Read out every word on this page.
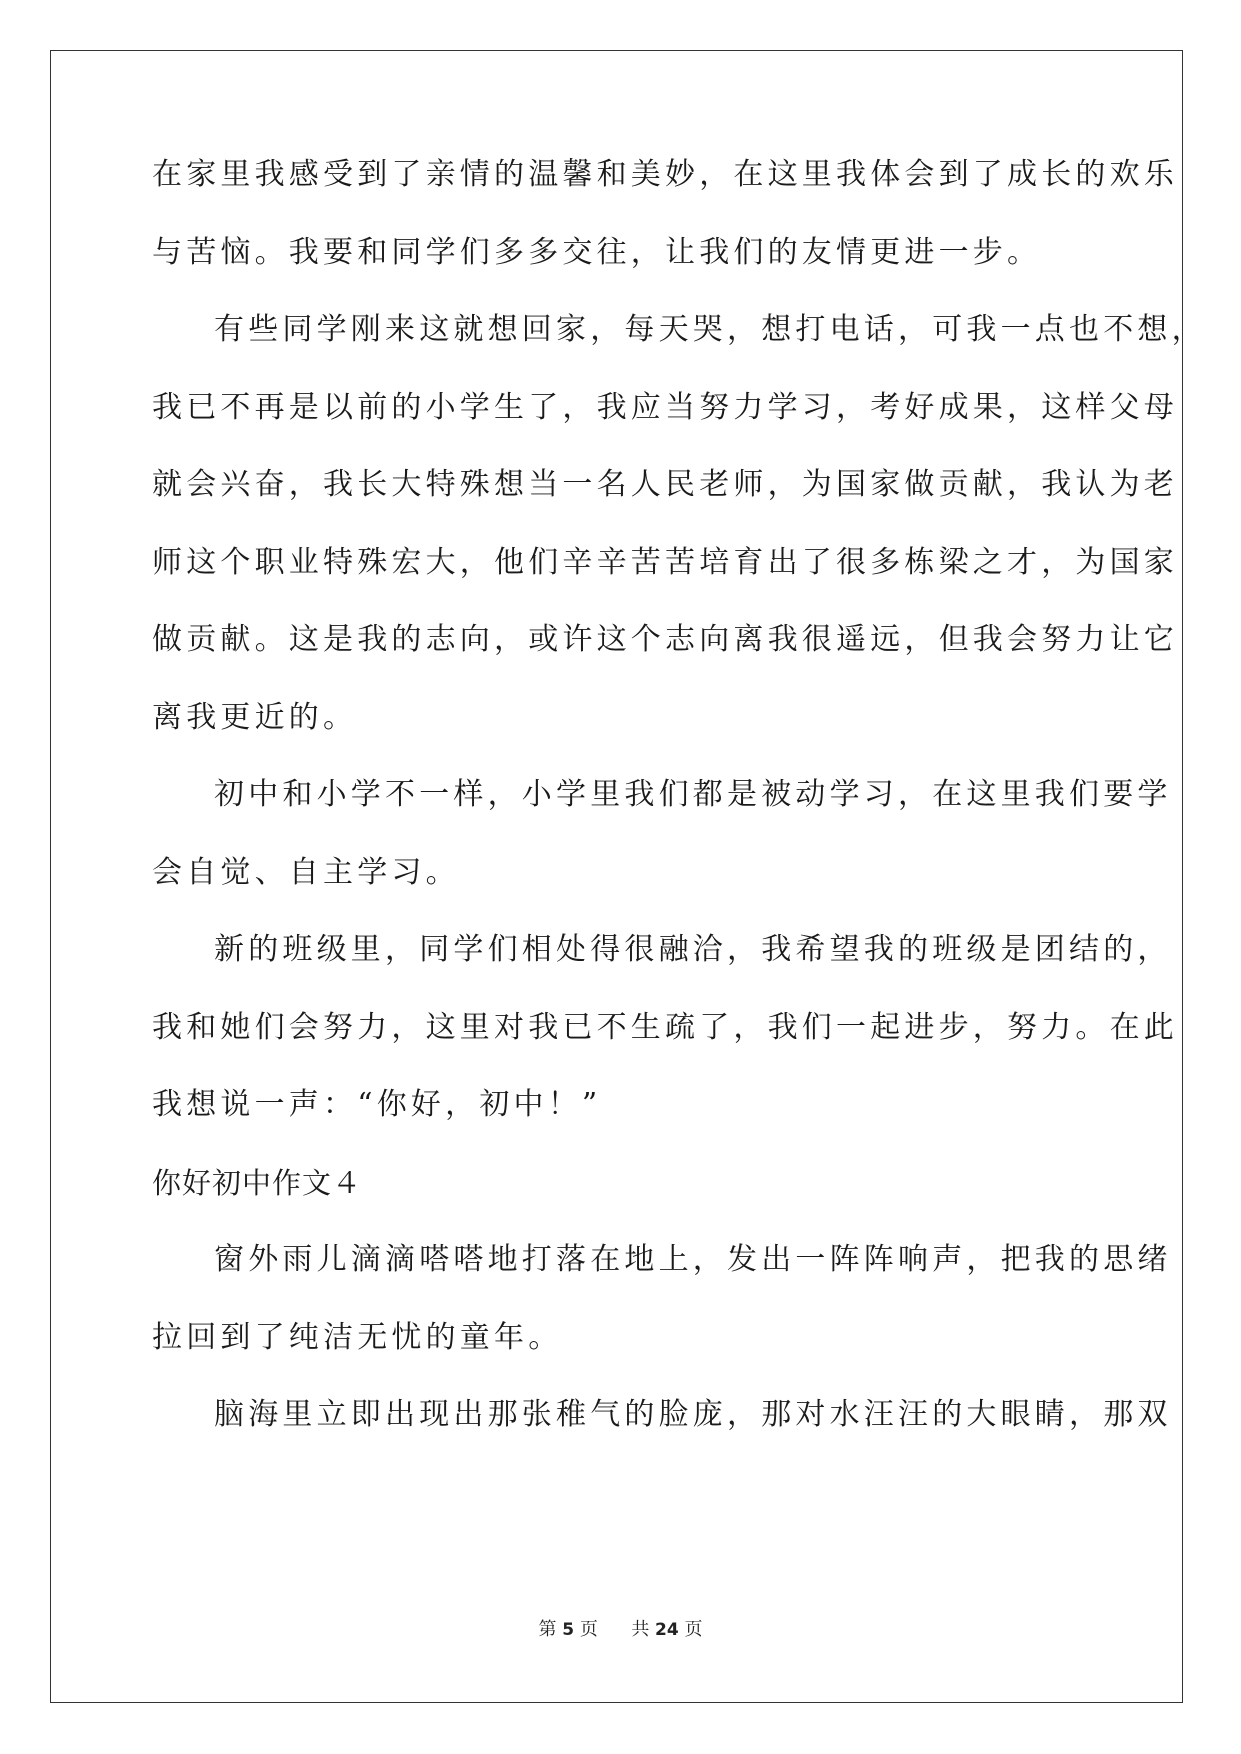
在家里我感受到了亲情的温馨和美妙，在这里我体会到了成长的欢乐
与苦恼。我要和同学们多多交往，让我们的友情更进一步。
有些同学刚来这就想回家，每天哭，想打电话，可我一点也不想，
我已不再是以前的小学生了，我应当努力学习，考好成果，这样父母
就会兴奋，我长大特殊想当一名人民老师，为国家做贡献，我认为老
师这个职业特殊宏大，他们辛辛苦苦培育出了很多栋梁之才，为国家
做贡献。这是我的志向，或许这个志向离我很遥远，但我会努力让它
离我更近的。
初中和小学不一样，小学里我们都是被动学习，在这里我们要学
会自觉、自主学习。
新的班级里，同学们相处得很融洽，我希望我的班级是团结的，
我和她们会努力，这里对我已不生疏了，我们一起进步，努力。在此
我想说一声：“你好，初中！”
你好初中作文４
窗外雨儿滴滴嗒嗒地打落在地上，发出一阵阵响声，把我的思绪
拉回到了纯洁无忧的童年。
脑海里立即出现出那张稚气的脸庞，那对水汪汪的大眼睛，那双
第 5 页 共 24 页
